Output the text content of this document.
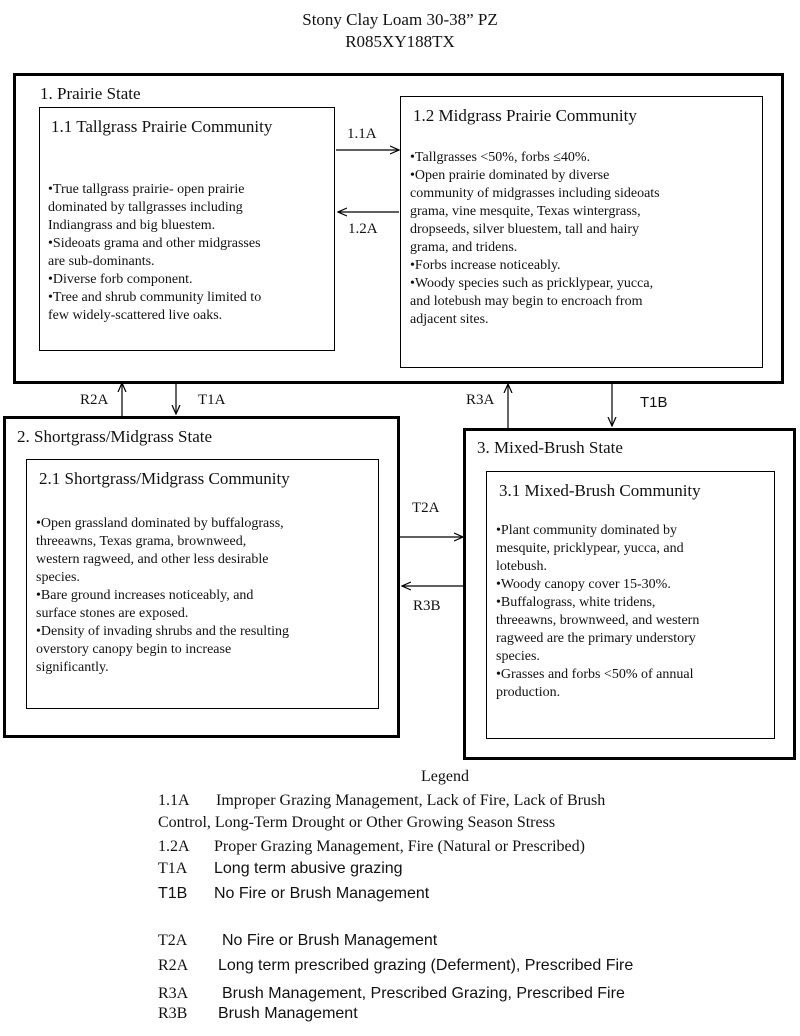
Stony Clay Loam 30-38” PZ
R085XY188TX
1. Prairie State
1.1 Tallgrass Prairie Community
•True tallgrass prairie- open prairie
dominated by tallgrasses including
Indiangrass and big bluestem.
•Sideoats grama and other midgrasses
are sub-dominants.
•Diverse forb component.
•Tree and shrub community limited to
few widely-scattered live oaks.
1.2 Midgrass Prairie Community
•Tallgrasses <50%, forbs ≤40%.
•Open prairie dominated by diverse
community of midgrasses including sideoats
grama, vine mesquite, Texas wintergrass,
dropseeds, silver bluestem, tall and hairy
grama, and tridens.
•Forbs increase noticeably.
•Woody species such as pricklypear, yucca,
and lotebush may begin to encroach from
adjacent sites.
1.1A
1.2A
R2A	T1A	R3A	T1B
2. Shortgrass/Midgrass State
2.1 Shortgrass/Midgrass Community
•Open grassland dominated by buffalograss,
threeawns, Texas grama, brownweed,
western ragweed, and other less desirable
species.
•Bare ground increases noticeably, and
surface stones are exposed.
•Density of invading shrubs and the resulting
overstory canopy begin to increase
significantly.
T2A
R3B
3. Mixed-Brush State
3.1 Mixed-Brush Community
•Plant community dominated by
mesquite, pricklypear, yucca, and
lotebush.
•Woody canopy cover 15-30%.
•Buffalograss, white tridens,
threeawns, brownweed, and western
ragweed are the primary understory
species.
•Grasses and forbs <50% of annual
production.
Legend
1.1A Improper Grazing Management, Lack of Fire, Lack of Brush
Control, Long-Term Drought or Other Growing Season Stress
1.2A Proper Grazing Management, Fire (Natural or Prescribed)
T1A Long term abusive grazing
T1B No Fire or Brush Management
T2A No Fire or Brush Management
R2A Long term prescribed grazing (Deferment), Prescribed Fire
R3A Brush Management, Prescribed Grazing, Prescribed Fire
R3B Brush Management
